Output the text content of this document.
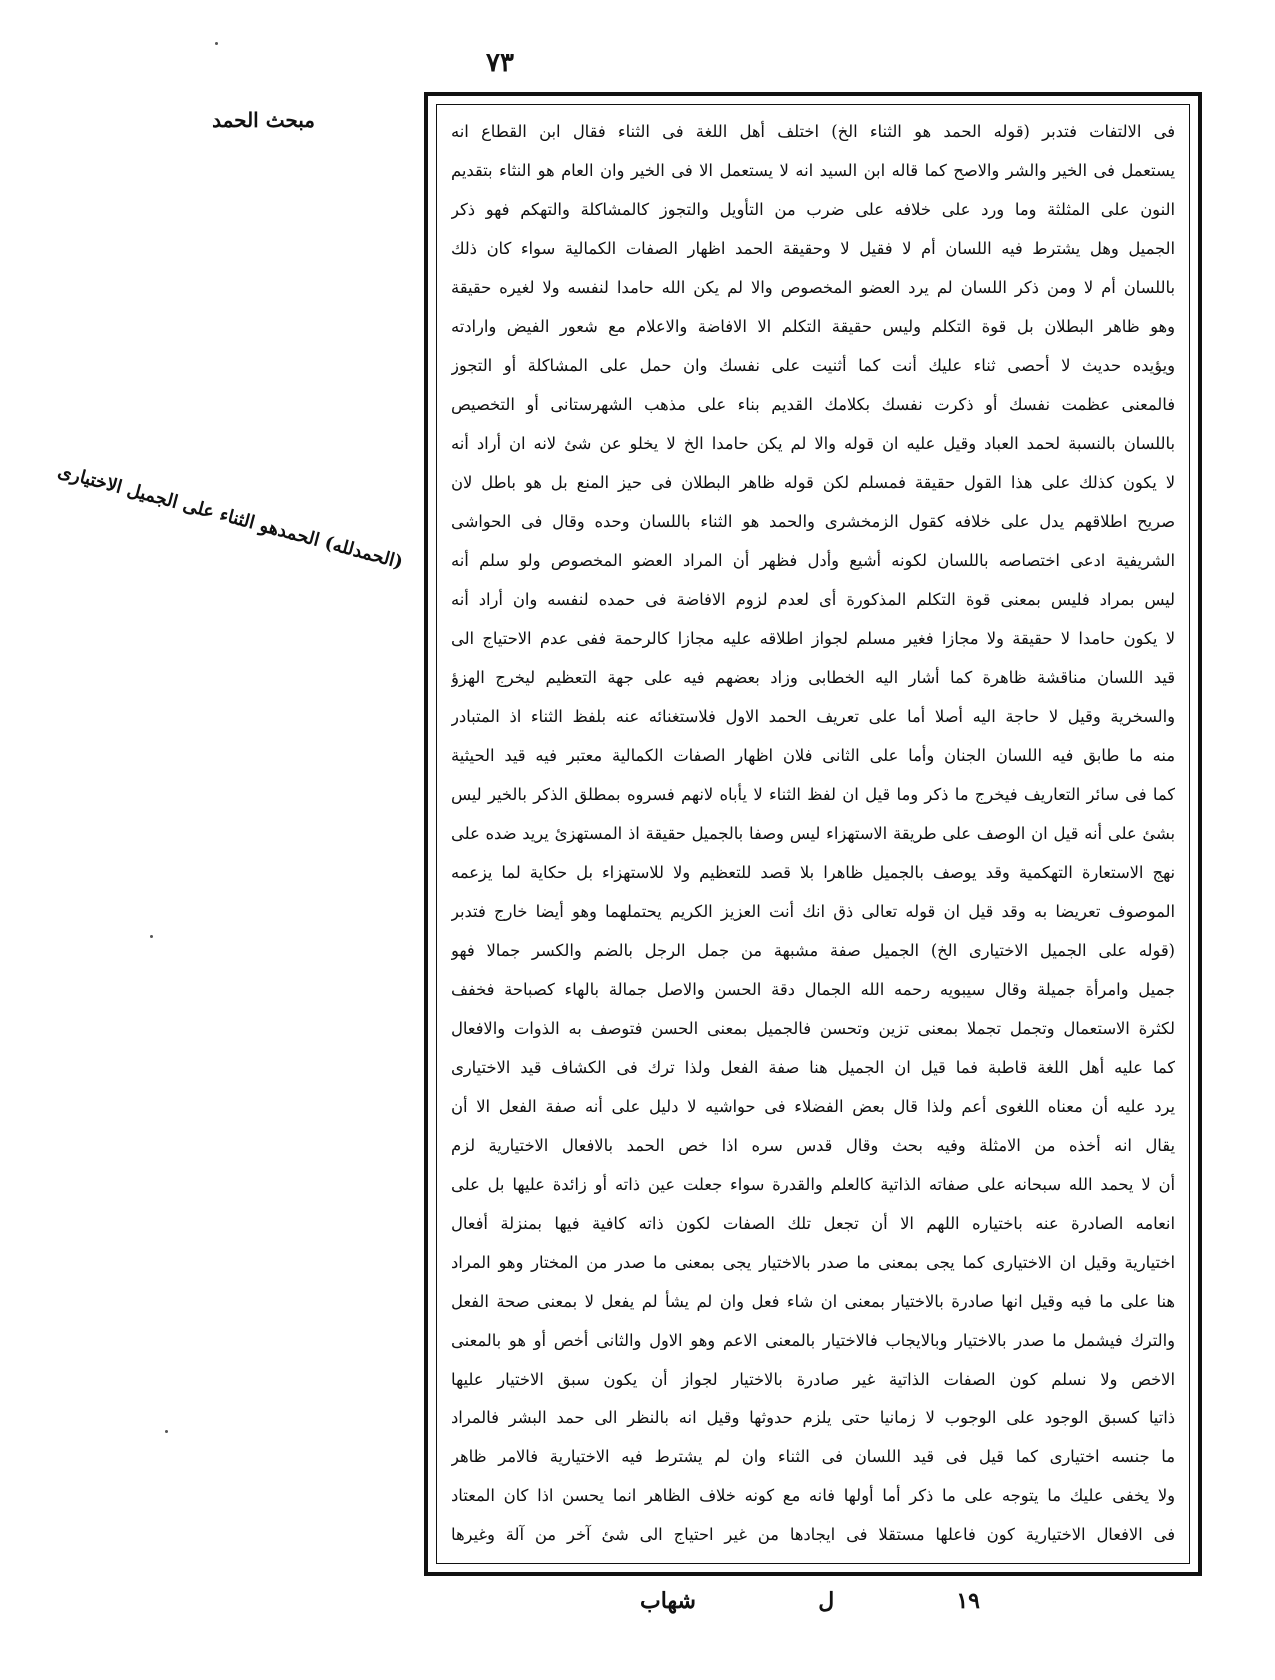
٧٣
مبحث الحمد
(الحمدلله) الحمدهو الثناء على الجميل الاختيارى
فى الالتفات فتدبر (قوله الحمد هو الثناء الخ) اختلف أهل اللغة فى الثناء فقال ابن القطاع انه
يستعمل فى الخير والشر والاصح كما قاله ابن السيد انه لا يستعمل الا فى الخير وان العام هو النثاء بتقديم
النون على المثلثة وما ورد على خلافه على ضرب من التأويل والتجوز كالمشاكلة والتهكم فهو ذكر
الجميل وهل يشترط فيه اللسان أم لا فقيل لا وحقيقة الحمد اظهار الصفات الكمالية سواء كان ذلك
باللسان أم لا ومن ذكر اللسان لم يرد العضو المخصوص والا لم يكن الله حامدا لنفسه ولا لغيره حقيقة
وهو ظاهر البطلان بل قوة التكلم وليس حقيقة التكلم الا الافاضة والاعلام مع شعور الفيض وارادته
ويؤيده حديث لا أحصى ثناء عليك أنت كما أثنيت على نفسك وان حمل على المشاكلة أو التجوز
فالمعنى عظمت نفسك أو ذكرت نفسك بكلامك القديم بناء على مذهب الشهرستانى أو التخصيص
باللسان بالنسبة لحمد العباد وقيل عليه ان قوله والا لم يكن حامدا الخ لا يخلو عن شئ لانه ان أراد أنه
لا يكون كذلك على هذا القول حقيقة فمسلم لكن قوله ظاهر البطلان فى حيز المنع بل هو باطل لان
صريح اطلاقهم يدل على خلافه كقول الزمخشرى والحمد هو الثناء باللسان وحده وقال فى الحواشى
الشريفية ادعى اختصاصه باللسان لكونه أشيع وأدل فظهر أن المراد العضو المخصوص ولو سلم أنه
ليس بمراد فليس بمعنى قوة التكلم المذكورة أى لعدم لزوم الافاضة فى حمده لنفسه وان أراد أنه
لا يكون حامدا لا حقيقة ولا مجازا فغير مسلم لجواز اطلاقه عليه مجازا كالرحمة ففى عدم الاحتياج الى
قيد اللسان مناقشة ظاهرة كما أشار اليه الخطابى وزاد بعضهم فيه على جهة التعظيم ليخرج الهزؤ
والسخرية وقيل لا حاجة اليه أصلا أما على تعريف الحمد الاول فلاستغنائه عنه بلفظ الثناء اذ المتبادر
منه ما طابق فيه اللسان الجنان وأما على الثانى فلان اظهار الصفات الكمالية معتبر فيه قيد الحيثية
كما فى سائر التعاريف فيخرج ما ذكر وما قيل ان لفظ الثناء لا يأباه لانهم فسروه بمطلق الذكر بالخير ليس
بشئ على أنه قيل ان الوصف على طريقة الاستهزاء ليس وصفا بالجميل حقيقة اذ المستهزئ يريد ضده على
نهج الاستعارة التهكمية وقد يوصف بالجميل ظاهرا بلا قصد للتعظيم ولا للاستهزاء بل حكاية لما يزعمه
الموصوف تعريضا به وقد قيل ان قوله تعالى ذق انك أنت العزيز الكريم يحتملهما وهو أيضا خارج فتدبر
(قوله على الجميل الاختيارى الخ) الجميل صفة مشبهة من جمل الرجل بالضم والكسر جمالا فهو
جميل وامرأة جميلة وقال سيبويه رحمه الله الجمال دقة الحسن والاصل جمالة بالهاء كصباحة فخفف
لكثرة الاستعمال وتجمل تجملا بمعنى تزين وتحسن فالجميل بمعنى الحسن فتوصف به الذوات والافعال
كما عليه أهل اللغة قاطبة فما قيل ان الجميل هنا صفة الفعل ولذا ترك فى الكشاف قيد الاختيارى
يرد عليه أن معناه اللغوى أعم ولذا قال بعض الفضلاء فى حواشيه لا دليل على أنه صفة الفعل الا أن
يقال انه أخذه من الامثلة وفيه بحث وقال قدس سره اذا خص الحمد بالافعال الاختيارية لزم
أن لا يحمد الله سبحانه على صفاته الذاتية كالعلم والقدرة سواء جعلت عين ذاته أو زائدة عليها بل على
انعامه الصادرة عنه باختياره اللهم الا أن تجعل تلك الصفات لكون ذاته كافية فيها بمنزلة أفعال
اختيارية وقيل ان الاختيارى كما يجى بمعنى ما صدر بالاختيار يجى بمعنى ما صدر من المختار وهو المراد
هنا على ما فيه وقيل انها صادرة بالاختيار بمعنى ان شاء فعل وان لم يشأ لم يفعل لا بمعنى صحة الفعل
والترك فيشمل ما صدر بالاختيار وبالايجاب فالاختيار بالمعنى الاعم وهو الاول والثانى أخص أو هو بالمعنى
الاخص ولا نسلم كون الصفات الذاتية غير صادرة بالاختيار لجواز أن يكون سبق الاختيار عليها
ذاتيا كسبق الوجود على الوجوب لا زمانيا حتى يلزم حدوثها وقيل انه بالنظر الى حمد البشر فالمراد
ما جنسه اختيارى كما قيل فى قيد اللسان فى الثناء وان لم يشترط فيه الاختيارية فالامر ظاهر
ولا يخفى عليك ما يتوجه على ما ذكر أما أولها فانه مع كونه خلاف الظاهر انما يحسن اذا كان المعتاد
فى الافعال الاختيارية كون فاعلها مستقلا فى ايجادها من غير احتياج الى شئ آخر من آلة وغيرها
١٩
ل
شهاب
